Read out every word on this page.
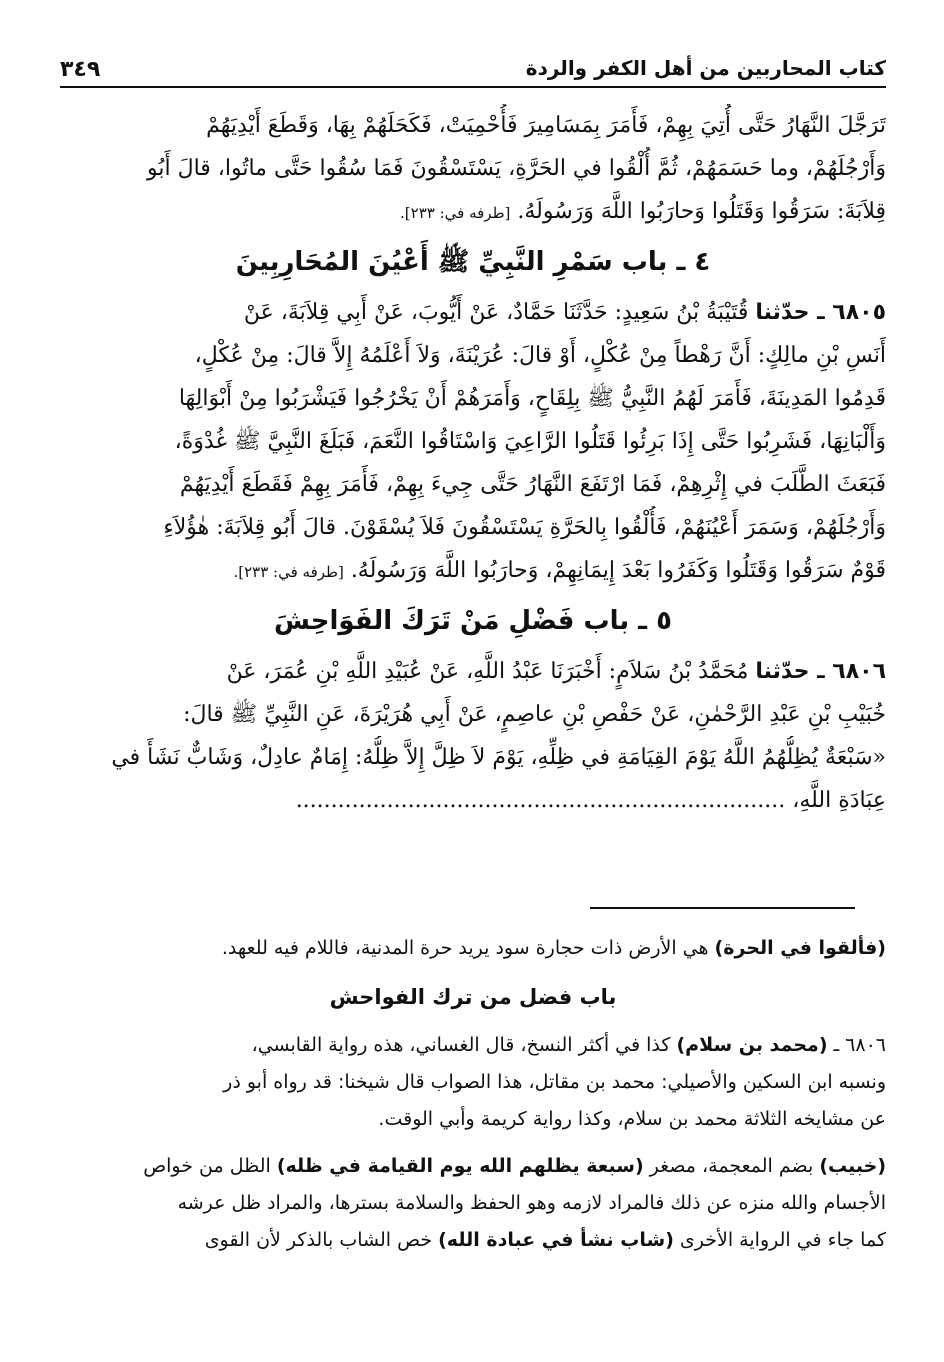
كتاب المحاربين من أهل الكفر والردة
٣٤٩
تَرَجَّلَ النَّهَارُ حَتَّى أُتِيَ بِهِمْ، فَأَمَرَ بِمَسَامِيرَ فَأُحْمِيَتْ، فَكَحَلَهُمْ بِهَا، وَقَطَعَ أَيْدِيَهُمْ
وَأَرْجُلَهُمْ، وما حَسَمَهُمْ، ثُمَّ أُلْقُوا في الحَرَّةِ، يَسْتَسْقُونَ فَمَا سُقُوا حَتَّى ماتُوا، قالَ أَبُو
قِلاَبَةَ: سَرَقُوا وَقَتَلُوا وَحارَبُوا اللَّهَ وَرَسُولَهُ. [طرفه في: ٢٣٣].
٤ ـ باب سَمْرِ النَّبِيِّ ﷺ أَعْيُنَ المُحَارِبِينَ
٦٨٠٥ ـ حدّثنا قُتَيْبَةُ بْنُ سَعِيدٍ: حَدَّثَنَا حَمَّادٌ، عَنْ أَيُّوبَ، عَنْ أَبِي قِلاَبَةَ، عَنْ
أَنَسِ بْنِ مالِكٍ: أَنَّ رَهْطاً مِنْ عُكْلٍ، أَوْ قالَ: عُرَيْنَةَ، وَلاَ أَعْلَمُهُ إِلاَّ قالَ: مِنْ عُكْلٍ،
قَدِمُوا المَدِينَةَ، فَأَمَرَ لَهُمُ النَّبِيُّ ﷺ بِلِقَاحٍ، وَأَمَرَهُمْ أَنْ يَخْرُجُوا فَيَشْرَبُوا مِنْ أَبْوَالِهَا
وَأَلْبَانِهَا، فَشَرِبُوا حَتَّى إِذَا بَرِئُوا قَتَلُوا الرَّاعِيَ وَاسْتَاقُوا النَّعَمَ، فَبَلَغَ النَّبِيَّ ﷺ غُدْوَةً،
فَبَعَثَ الطَّلَبَ في إِثْرِهِمْ، فَمَا ارْتَفَعَ النَّهَارُ حَتَّى جِيءَ بِهِمْ، فَأَمَرَ بِهِمْ فَقَطَعَ أَيْدِيَهُمْ
وَأَرْجُلَهُمْ، وَسَمَرَ أَعْيُنَهُمْ، فَأُلْقُوا بِالحَرَّةِ يَسْتَسْقُونَ فَلاَ يُسْقَوْنَ. قالَ أَبُو قِلاَبَةَ: هٰؤُلاَءِ
قَوْمٌ سَرَقُوا وَقَتَلُوا وَكَفَرُوا بَعْدَ إِيمَانِهِمْ، وَحارَبُوا اللَّهَ وَرَسُولَهُ. [طرفه في: ٢٣٣].
٥ ـ باب فَضْلِ مَنْ تَرَكَ الفَوَاحِشَ
٦٨٠٦ ـ حدّثنا مُحَمَّدُ بْنُ سَلاَمٍ: أَخْبَرَنَا عَبْدُ اللَّهِ، عَنْ عُبَيْدِ اللَّهِ بْنِ عُمَرَ، عَنْ
خُبَيْبِ بْنِ عَبْدِ الرَّحْمٰنِ، عَنْ حَفْصِ بْنِ عاصِمٍ، عَنْ أَبِي هُرَيْرَةَ، عَنِ النَّبِيِّ ﷺ قالَ:
«سَبْعَةٌ يُظِلُّهُمُ اللَّهُ يَوْمَ القِيَامَةِ في ظِلِّهِ، يَوْمَ لاَ ظِلَّ إِلاَّ ظِلُّهُ: إِمَامٌ عادِلٌ، وَشَابٌّ نَشَأَ في
عِبَادَةِ اللَّهِ، ......................................................................
(فألقوا في الحرة) هي الأرض ذات حجارة سود يريد حرة المدنية، فاللام فيه للعهد.
باب فضل من ترك الفواحش
٦٨٠٦ ـ (محمد بن سلام) كذا في أكثر النسخ، قال الغساني، هذه رواية القابسي،
ونسبه ابن السكين والأصيلي: محمد بن مقاتل، هذا الصواب قال شيخنا: قد رواه أبو ذر
عن مشايخه الثلاثة محمد بن سلام، وكذا رواية كريمة وأبي الوقت.
(خبيب) بضم المعجمة، مصغر (سبعة يظلهم الله يوم القيامة في ظله) الظل من خواص
الأجسام والله منزه عن ذلك فالمراد لازمه وهو الحفظ والسلامة بسترها، والمراد ظل عرشه
كما جاء في الرواية الأخرى (شاب نشأ في عبادة الله) خص الشاب بالذكر لأن القوى
